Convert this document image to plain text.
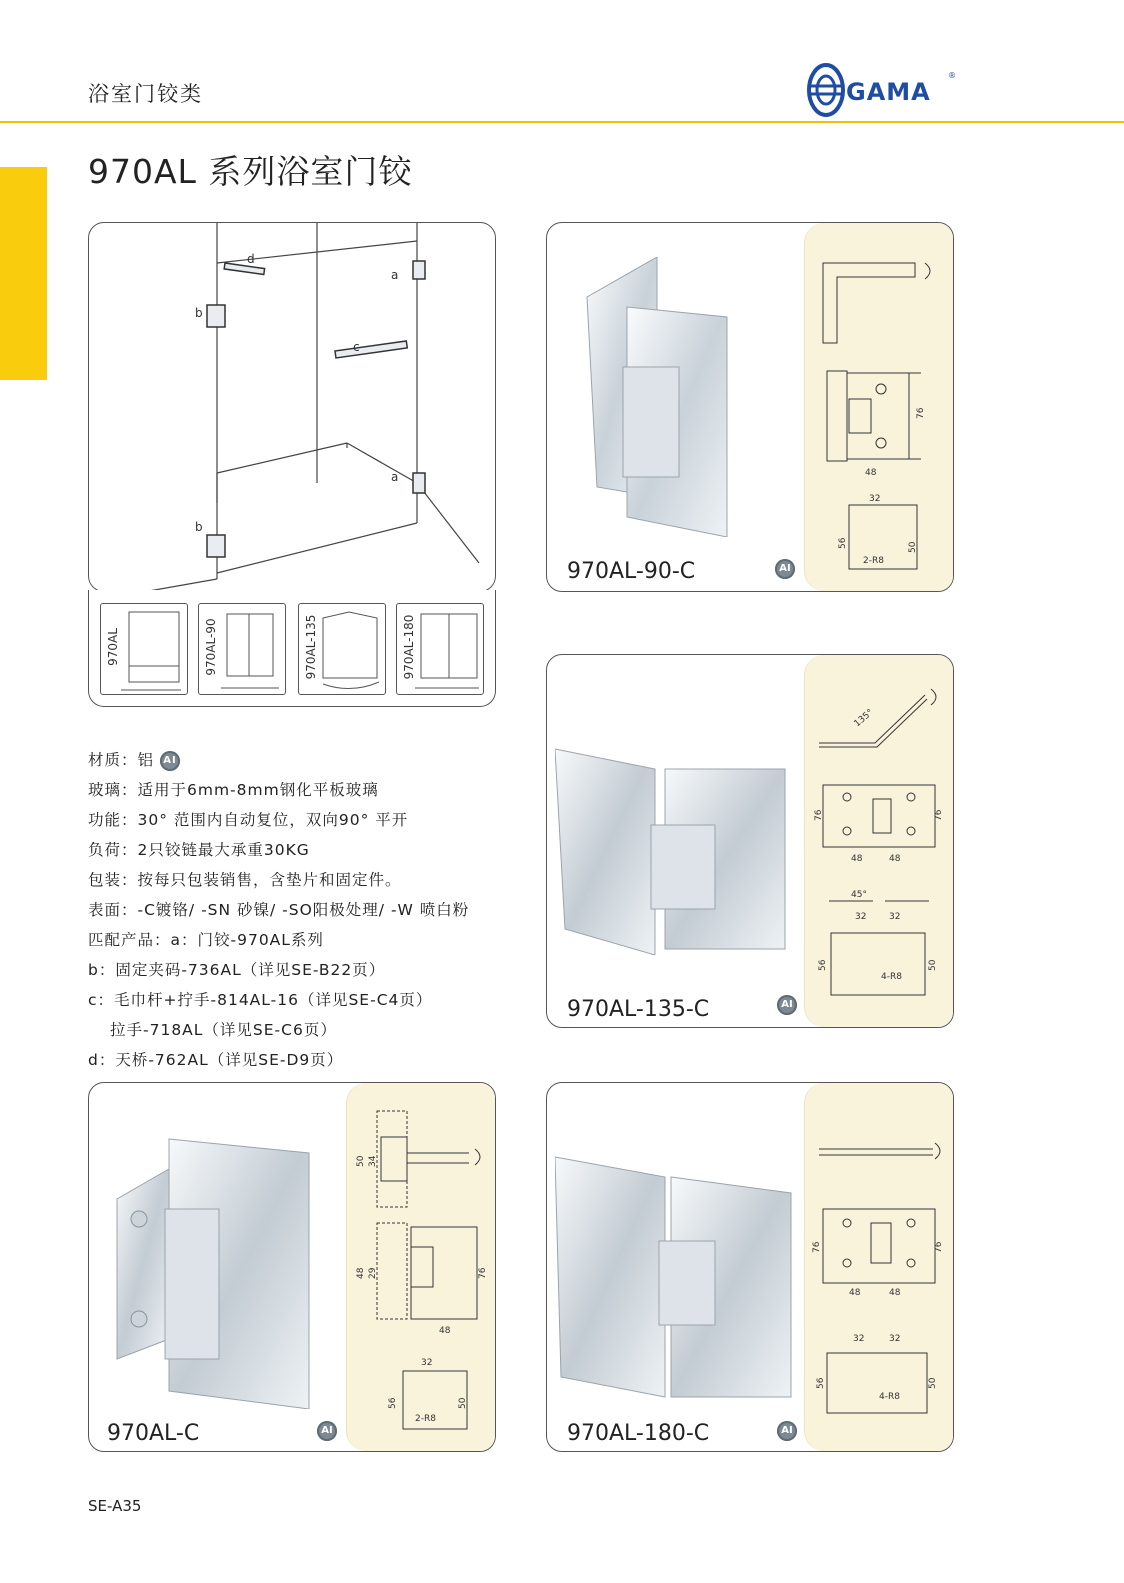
浴室门铰类	GAMA
®
970AL 系列浴室门铰
d
a
b
c
a
b
970AL	970AL-90	970AL-135	970AL-180
材质：铝 AI
玻璃：适用于6mm-8mm钢化平板玻璃
功能：30° 范围内自动复位，双向90° 平开
负荷：2只铰链最大承重30KG
包装：按每只包装销售，含垫片和固定件。
表面：-C镀铬/ -SN 砂镍/ -SO阳极处理/ -W 喷白粉
匹配产品：a：门铰-970AL系列
b：固定夹码-736AL（详见SE-B22页）
c：毛巾杆+拧手-814AL-16（详见SE-C4页）
拉手-718AL（详见SE-C6页）
d：天桥-762AL（详见SE-D9页）
76
48
32
56	50
2-R8
970AL-90-C	AI
135°
76
48	48
76
45°
32	32
56	50
4-R8
970AL-135-C	AI
50 34
48 29	76
48
32
56	50
2-R8
970AL-C	AI
76
48	48
76
32	32
56	50
4-R8
970AL-180-C	AI
SE-A35
